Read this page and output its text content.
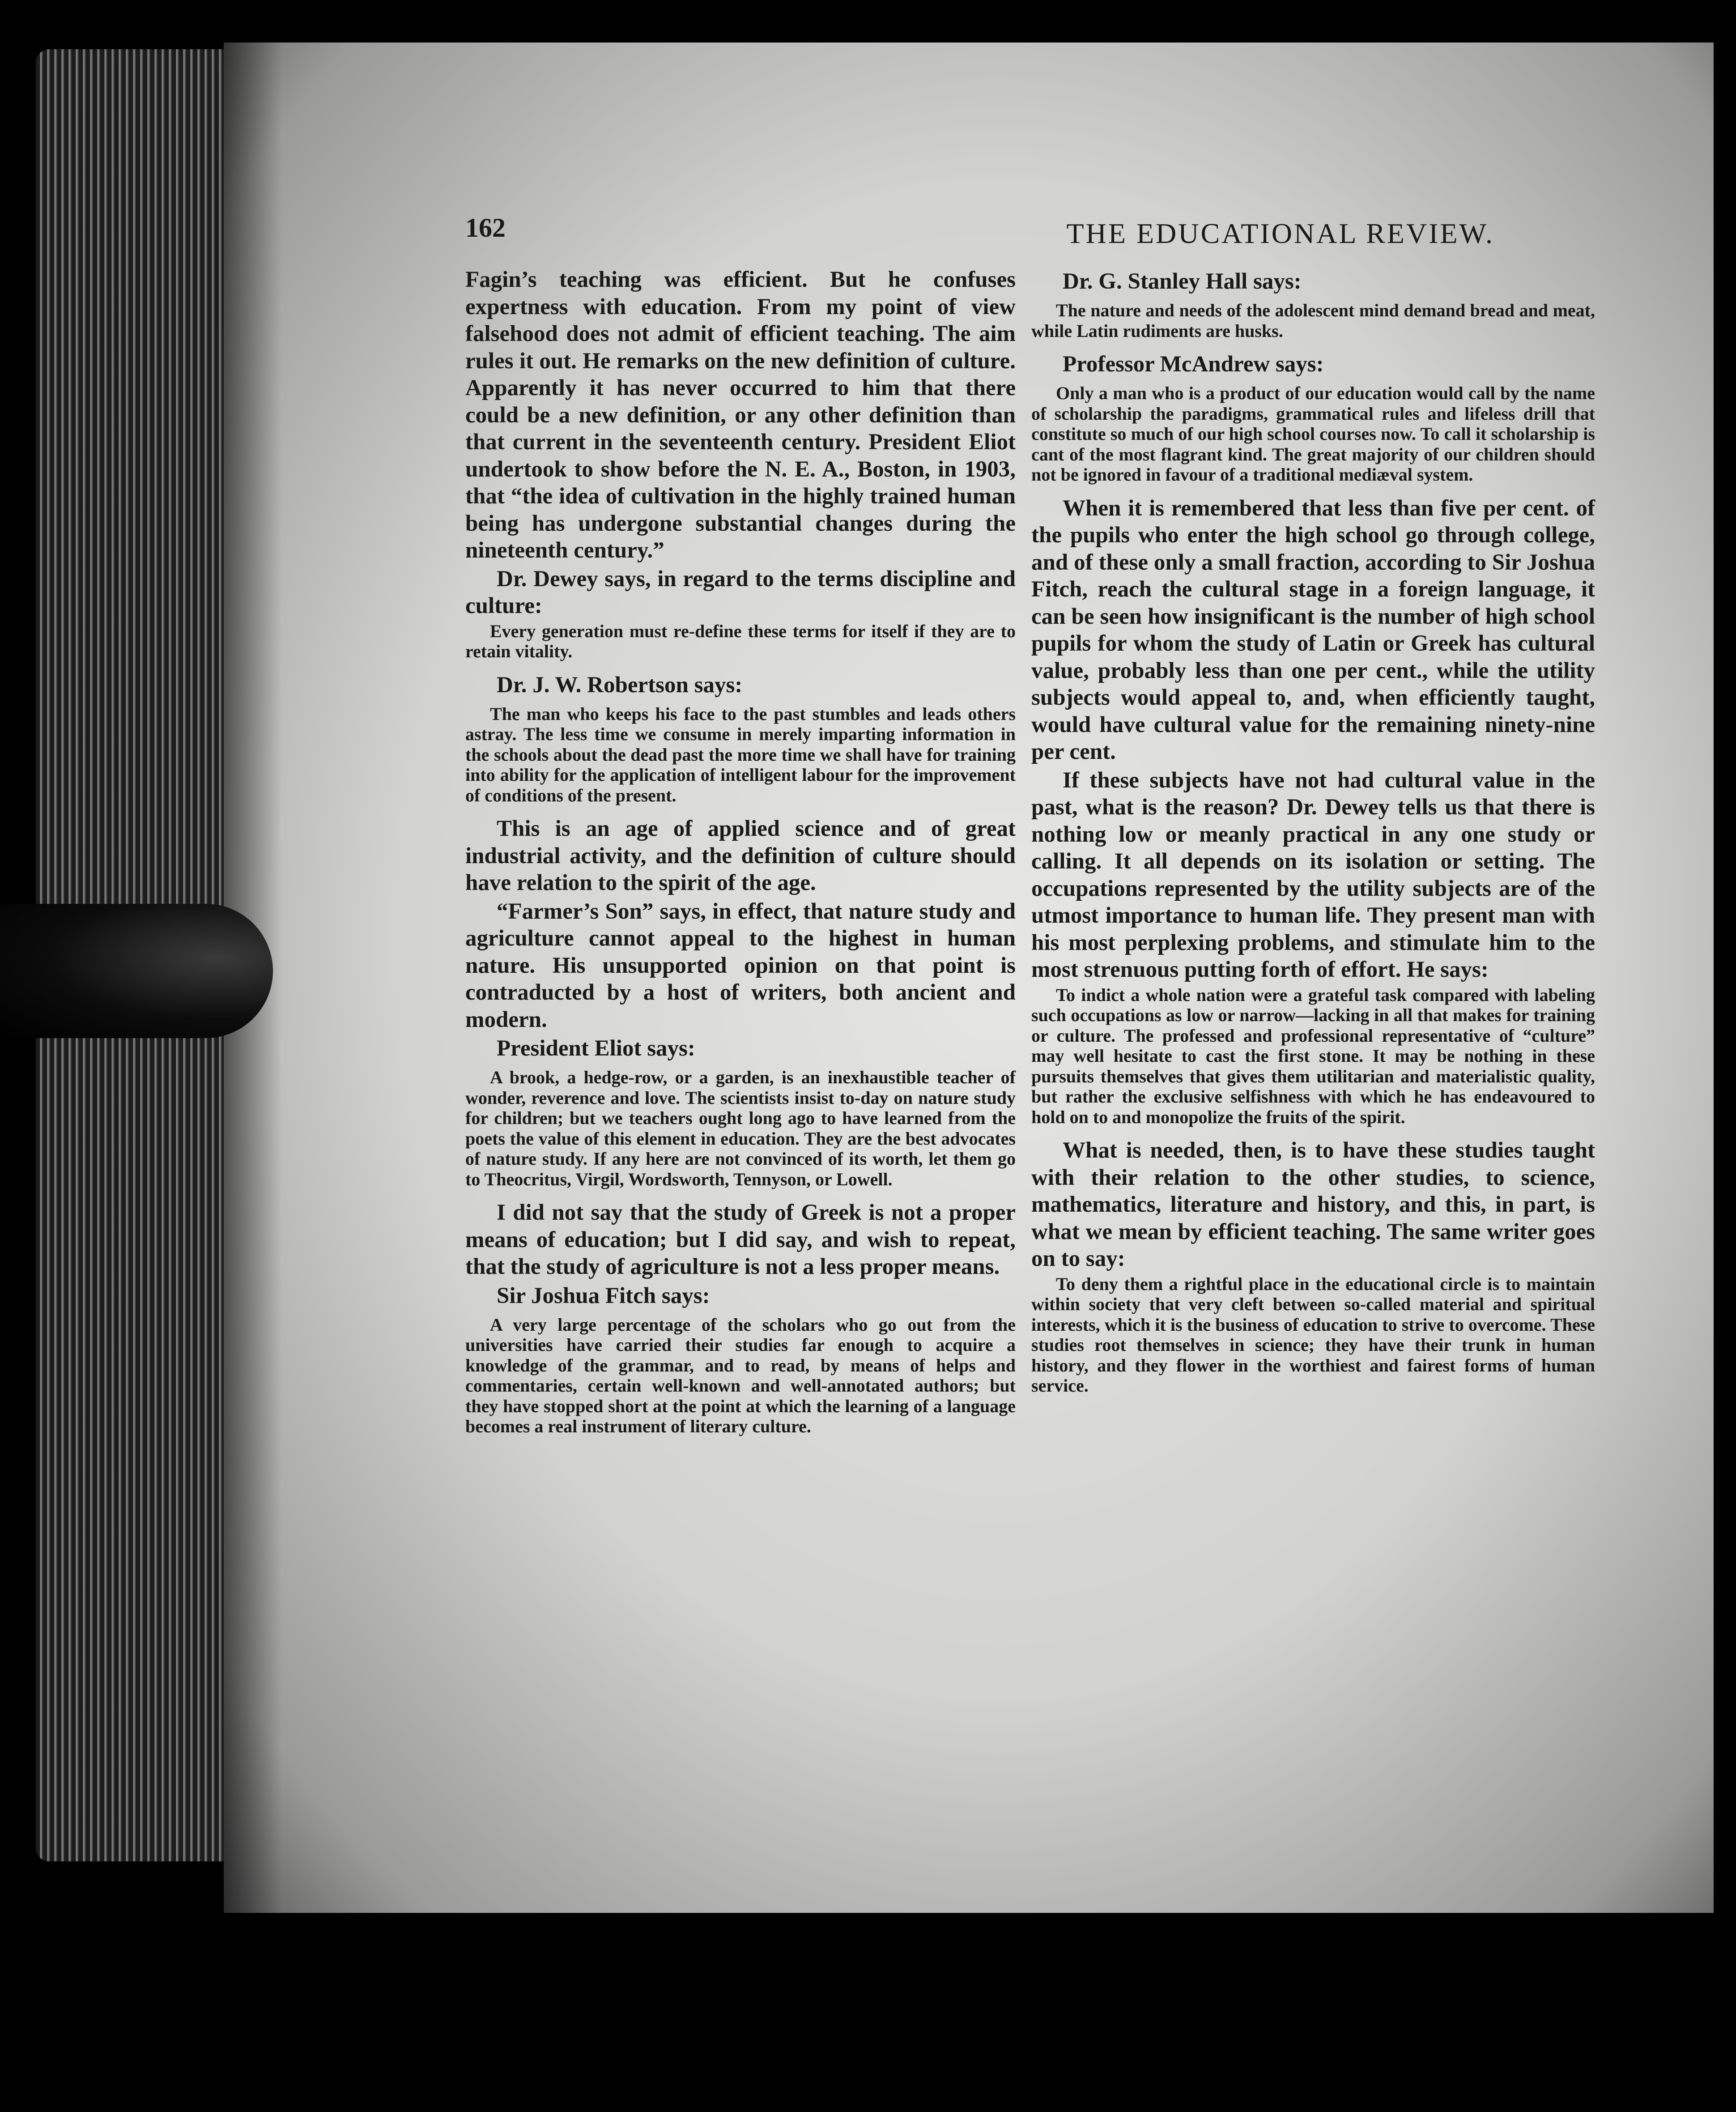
162	THE EDUCATIONAL REVIEW.

Fagin’s teaching was efficient. But he confuses expertness with education. From my point of view falsehood does not admit of efficient teaching. The aim rules it out. He remarks on the new definition of culture. Apparently it has never occurred to him that there could be a new definition, or any other definition than that current in the seventeenth century. President Eliot undertook to show before the N. E. A., Boston, in 1903, that “the idea of cultivation in the highly trained human being has undergone substantial changes during the nineteenth century.”

Dr. Dewey says, in regard to the terms discipline and culture:

Every generation must re-define these terms for itself if they are to retain vitality.

Dr. J. W. Robertson says:

The man who keeps his face to the past stumbles and leads others astray. The less time we consume in merely imparting information in the schools about the dead past the more time we shall have for training into ability for the application of intelligent labour for the improvement of conditions of the present.

This is an age of applied science and of great industrial activity, and the definition of culture should have relation to the spirit of the age.

“Farmer’s Son” says, in effect, that nature study and agriculture cannot appeal to the highest in human nature. His unsupported opinion on that point is contraducted by a host of writers, both ancient and modern.

President Eliot says:

A brook, a hedge-row, or a garden, is an inexhaustible teacher of wonder, reverence and love. The scientists insist to-day on nature study for children; but we teachers ought long ago to have learned from the poets the value of this element in education. They are the best advocates of nature study. If any here are not convinced of its worth, let them go to Theocritus, Virgil, Wordsworth, Tennyson, or Lowell.

I did not say that the study of Greek is not a proper means of education; but I did say, and wish to repeat, that the study of agriculture is not a less proper means.

Sir Joshua Fitch says:

A very large percentage of the scholars who go out from the universities have carried their studies far enough to acquire a knowledge of the grammar, and to read, by means of helps and commentaries, certain well-known and well-annotated authors; but they have stopped short at the point at which the learning of a language becomes a real instrument of literary culture.

Dr. G. Stanley Hall says:

The nature and needs of the adolescent mind demand bread and meat, while Latin rudiments are husks.

Professor McAndrew says:

Only a man who is a product of our education would call by the name of scholarship the paradigms, grammatical rules and lifeless drill that constitute so much of our high school courses now. To call it scholarship is cant of the most flagrant kind. The great majority of our children should not be ignored in favour of a traditional mediæval system.

When it is remembered that less than five per cent. of the pupils who enter the high school go through college, and of these only a small fraction, according to Sir Joshua Fitch, reach the cultural stage in a foreign language, it can be seen how insignificant is the number of high school pupils for whom the study of Latin or Greek has cultural value, probably less than one per cent., while the utility subjects would appeal to, and, when efficiently taught, would have cultural value for the remaining ninety-nine per cent.

If these subjects have not had cultural value in the past, what is the reason? Dr. Dewey tells us that there is nothing low or meanly practical in any one study or calling. It all depends on its isolation or setting. The occupations represented by the utility subjects are of the utmost importance to human life. They present man with his most perplexing problems, and stimulate him to the most strenuous putting forth of effort. He says:

To indict a whole nation were a grateful task compared with labeling such occupations as low or narrow—lacking in all that makes for training or culture. The professed and professional representative of “culture” may well hesitate to cast the first stone. It may be nothing in these pursuits themselves that gives them utilitarian and materialistic quality, but rather the exclusive selfishness with which he has endeavoured to hold on to and monopolize the fruits of the spirit.

What is needed, then, is to have these studies taught with their relation to the other studies, to science, mathematics, literature and history, and this, in part, is what we mean by efficient teaching. The same writer goes on to say:

To deny them a rightful place in the educational circle is to maintain within society that very cleft between so-called material and spiritual interests, which it is the business of education to strive to overcome. These studies root themselves in science; they have their trunk in human history, and they flower in the worthiest and fairest forms of human service.
